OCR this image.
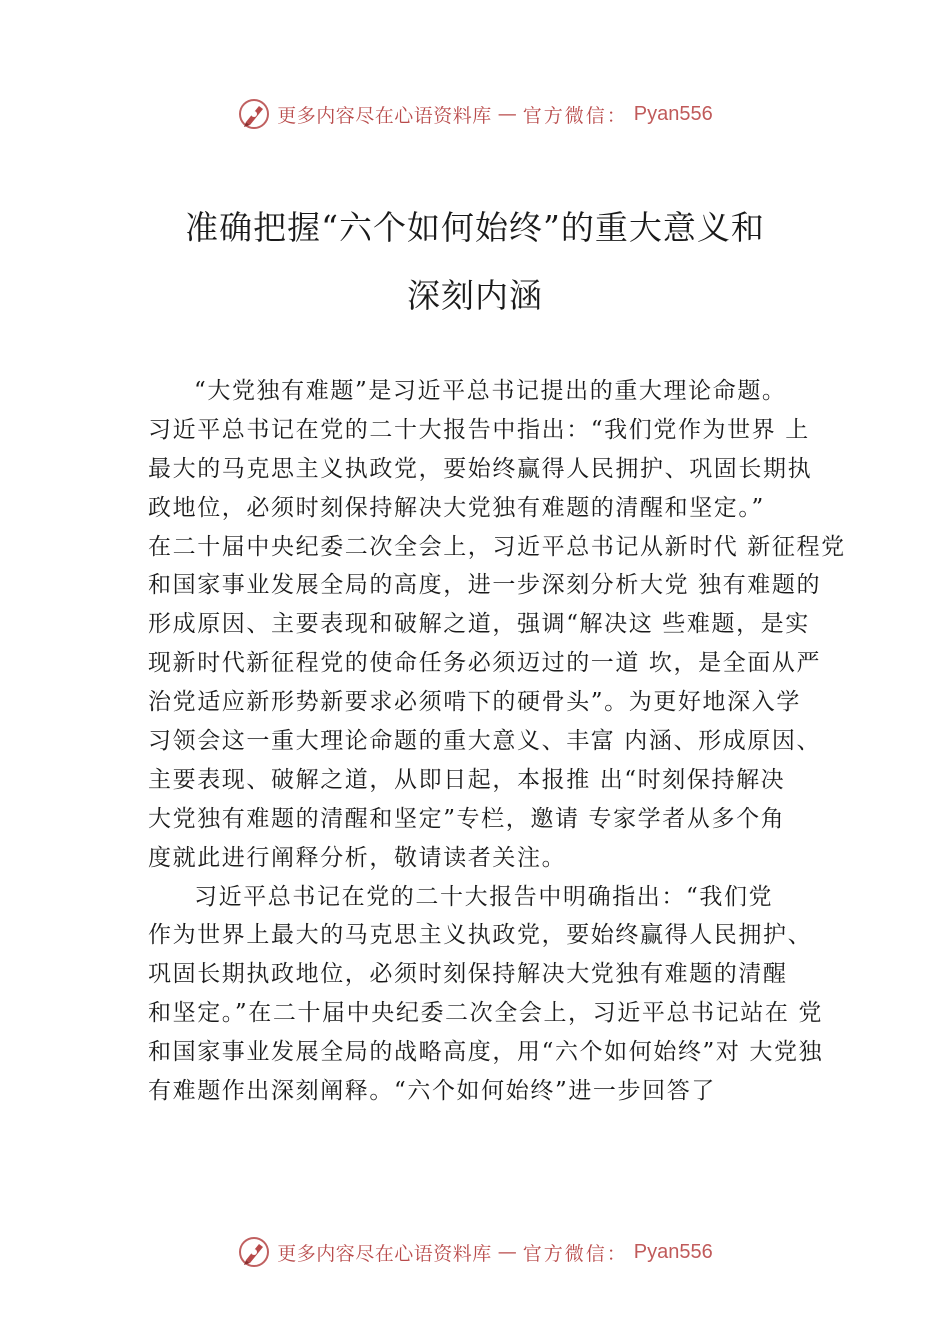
更多内容尽在心语资料库 — 官方微信： Pyan556
准确把握“六个如何始终”的重大意义和
深刻内涵
“大党独有难题”是习近平总书记提出的重大理论命题。
习近平总书记在党的二十大报告中指出：“我们党作为世界 上
最大的马克思主义执政党，要始终赢得人民拥护、巩固长期执
政地位，必须时刻保持解决大党独有难题的清醒和坚定。”
在二十届中央纪委二次全会上，习近平总书记从新时代 新征程党
和国家事业发展全局的高度，进一步深刻分析大党 独有难题的
形成原因、主要表现和破解之道，强调“解决这 些难题，是实
现新时代新征程党的使命任务必须迈过的一道 坎，是全面从严
治党适应新形势新要求必须啃下的硬骨头”。为更好地深入学
习领会这一重大理论命题的重大意义、丰富 内涵、形成原因、
主要表现、破解之道，从即日起，本报推 出“时刻保持解决
大党独有难题的清醒和坚定”专栏，邀请 专家学者从多个角
度就此进行阐释分析，敬请读者关注。
习近平总书记在党的二十大报告中明确指出：“我们党
作为世界上最大的马克思主义执政党，要始终赢得人民拥护、
巩固长期执政地位，必须时刻保持解决大党独有难题的清醒
和坚定。”在二十届中央纪委二次全会上，习近平总书记站在 党
和国家事业发展全局的战略高度，用“六个如何始终”对 大党独
有难题作出深刻阐释。“六个如何始终”进一步回答了
更多内容尽在心语资料库 — 官方微信： Pyan556
